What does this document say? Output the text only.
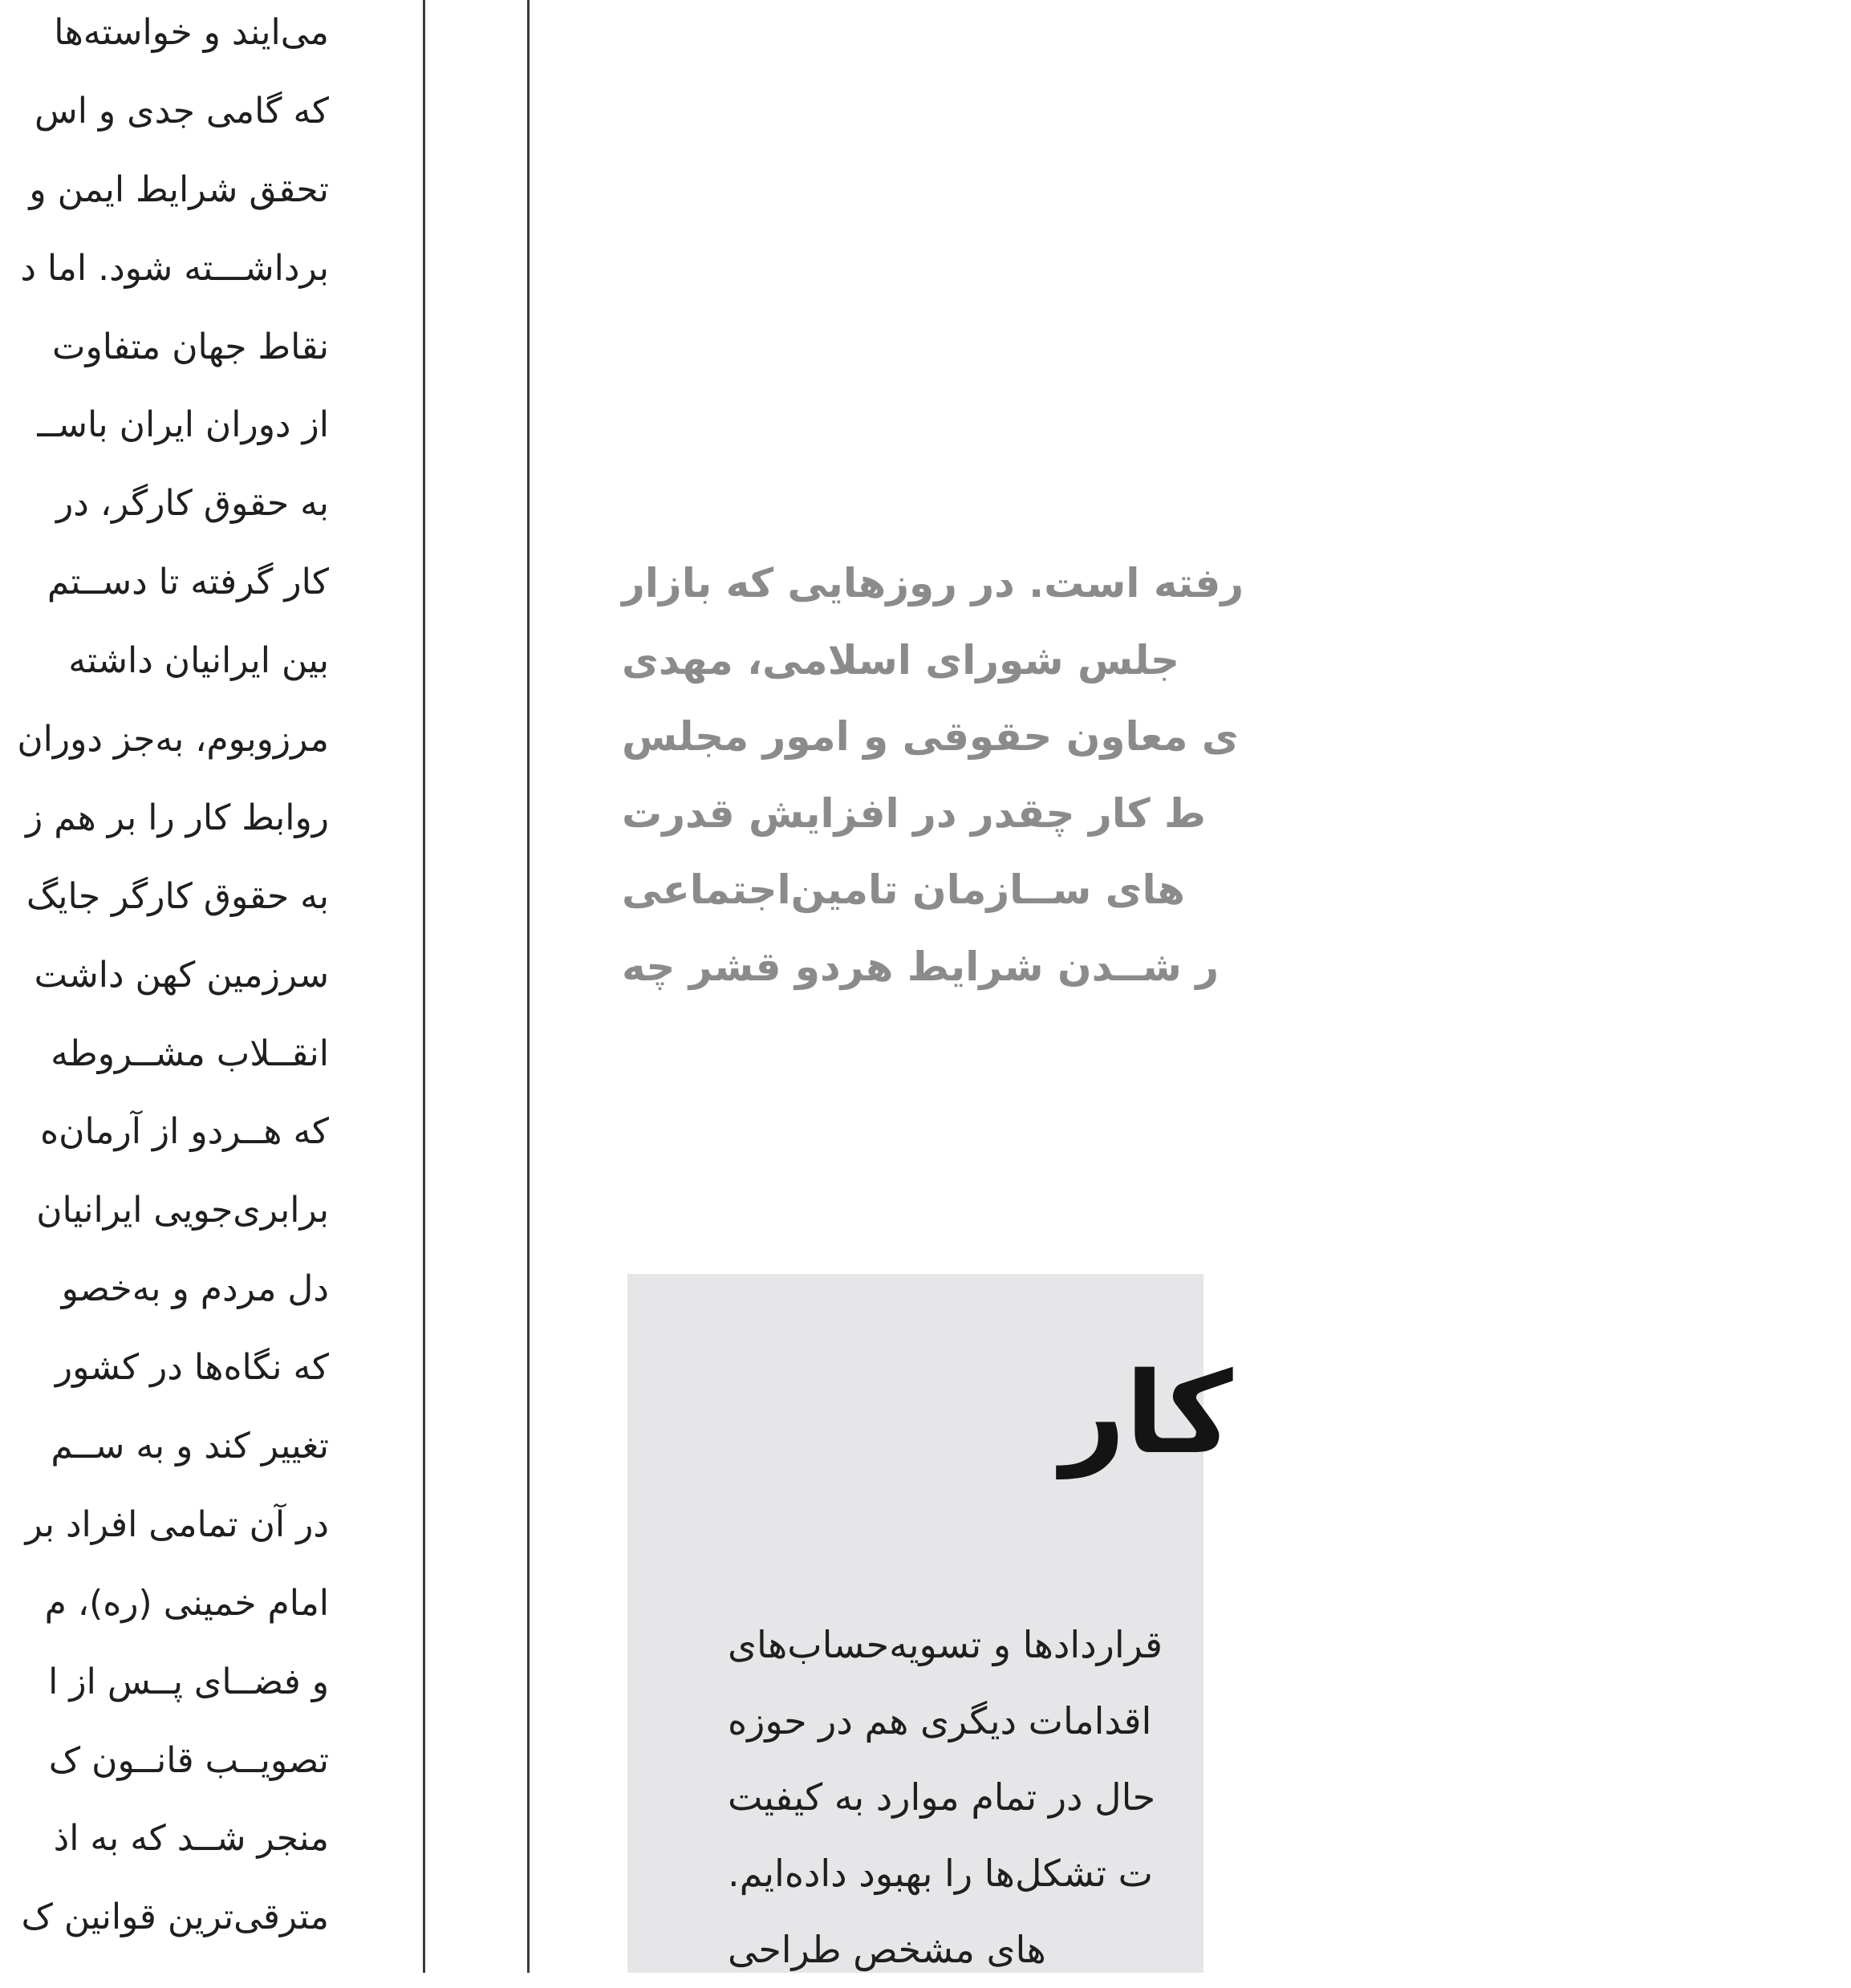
می‌ایند و خواسته‌ها
که گامی جدی و اس
تحقق شرایط ایمن و
برداشـــته شود. اما د
نقاط جهان متفاوت
از دوران ایران باســ
به حقوق کارگر، در
کار گرفته تا دســتم
بین ایرانیان داشته
مرزوبوم، به‌جز دوران
روابط کار را بر هم ز
به حقوق کارگر جایگ
سرزمین کهن داشت
انقــلاب مشــروطه
که هــردو از آرمان‌ه
برابری‌جویی ایرانیان
دل مردم و به‌خصو
که نگاه‌ها در کشور
تغییر کند و به ســم
در آن تمامی افراد بر
امام خمینی (ره)، م
و فضــای پــس از ا
تصویــب قانــون ک
منجر شــد که به اذ
مترقی‌ترین قوانین ک
رفته است. در روزهایی که بازار
جلس شورای اسلامی، مهدی
ی معاون حقوقی و امور مجلس
ط کار چقدر در افزایش قدرت
های ســازمان تامین‌اجتماعی
ر شــدن شرایط هردو قشر چه
کار
قراردادها و تسویه‌حساب‌های
اقدامات دیگری هم در حوزه
حال در تمام موارد به کیفیت
ت تشکل‌ها را بهبود داده‌ایم.
های مشخص طراحی
